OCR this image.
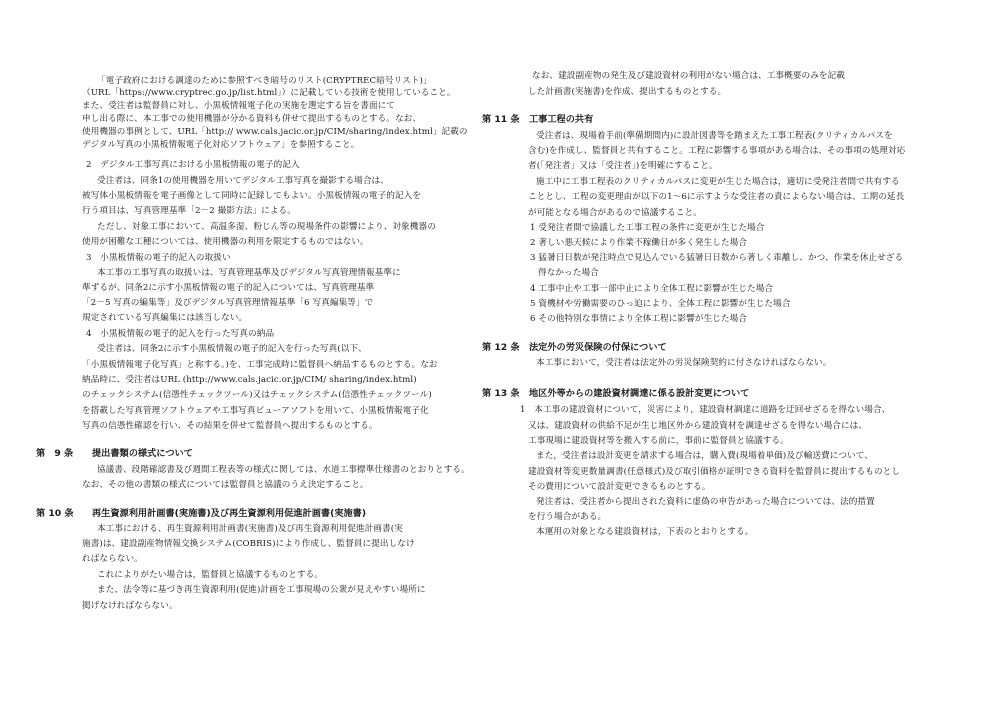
「電子政府における調達のために参照すべき暗号のリスト(CRYPTREC暗号リスト)」
（URL「https://www.cryptrec.go.jp/list.html」）に記載している技術を使用していること。
また、受注者は監督員に対し、小黒板情報電子化の実施を選定する旨を書面にて
申し出る際に、本工事での使用機器が分かる資料も併せて提出するものとする。なお、
使用機器の事例として、URL「http:// www.cals.jacic.or.jp/CIM/sharing/index.html」記載の
デジタル写真の小黒板情報電子化対応ソフトウェア」を参照すること。
2　デジタル工事写真における小黒板情報の電子的記入
受注者は、同条1の使用機器を用いてデジタル工事写真を撮影する場合は、
被写体小黒板情報を電子画像として同時に記録してもよい。小黒板情報の電子的記入を
行う項目は、写真管理基準「2－2 撮影方法」による。
ただし、対象工事において、高温多湿、粉じん等の現場条件の影響により、対象機器の
使用が困難な工種については、使用機器の利用を限定するものではない。
3　小黒板情報の電子的記入の取扱い
本工事の工事写真の取扱いは、写真管理基準及びデジタル写真管理情報基準に
準ずるが、同条2に示す小黒板情報の電子的記入については、写真管理基準
「2－5 写真の編集等」及びデジタル写真管理情報基準「6 写真編集等」で
規定されている写真編集には該当しない。
4　小黒板情報の電子的記入を行った写真の納品
受注者は、同条2に示す小黒板情報の電子的記入を行った写真(以下、
「小黒板情報電子化写真」と称する。)を、工事完成時に監督員へ納品するものとする。なお
納品時に、受注者はURL (http://www.cals.jacic.or.jp/CIM/ sharing/index.html)
のチェックシステム(信憑性チェックツール)又はチェックシステム(信憑性チェックツール)
を搭載した写真管理ソフトウェアや工事写真ビューアソフトを用いて、小黒板情報電子化
写真の信憑性確認を行い、その結果を併せて監督員へ提出するものとする。
第　9 条 提出書類の様式について
協議書、段階確認書及び週間工程表等の様式に関しては、水道工事標準仕様書のとおりとする。
なお、その他の書類の様式については監督員と協議のうえ決定すること。
第 10 条 再生資源利用計画書(実施書)及び再生資源利用促進計画書(実施書)
本工事における、再生資源利用計画書(実施書)及び再生資源利用促進計画書(実
施書)は、建設副産物情報交換システム(COBRIS)により作成し、監督員に提出しなけ
ればならない。
これによりがたい場合は，監督員と協議するものとする。
また、法令等に基づき再生資源利用(促進)計画を工事現場の公衆が見えやすい場所に
掲げなければならない。
なお、建設副産物の発生及び建設資材の利用がない場合は、工事概要のみを記載
した計画書(実施書)を作成、提出するものとする。
第 11 条 工事工程の共有
受注者は、現場着手前(準備期間内)に設計図書等を踏まえた工事工程表(クリティカルパスを
含む)を作成し、監督員と共有すること。工程に影響する事項がある場合は、その事項の処理対応
者(「発注者」又は「受注者」)を明確にすること。
施工中に工事工程表のクリティカルパスに変更が生じた場合は，適切に受発注者間で共有する
こととし、工程の変更理由が以下の1～6に示すような受注者の責によらない場合は、工期の延長
が可能となる場合があるので協議すること。
1 受発注者間で協議した工事工程の条件に変更が生じた場合
2 著しい悪天候により作業不稼働日が多く発生した場合
3 猛暑日日数が発注時点で見込んでいる猛暑日日数から著しく乖離し、かつ、作業を休止せざる
得なかった場合
4 工事中止や工事一部中止により全体工程に影響が生じた場合
5 資機材や労働需要のひっ迫により、全体工程に影響が生じた場合
6 その他特別な事情により全体工程に影響が生じた場合
第 12 条 法定外の労災保険の付保について
本工事において，受注者は法定外の労災保険契約に付さなければならない。
第 13 条 地区外等からの建設資材調達に係る設計変更について
1　本工事の建設資材について，災害により，建設資材調達に道路を迂回せざるを得ない場合、
又は、建設資材の供給不足が生じ地区外から建設資材を調達せざるを得ない場合には、
工事現場に建設資材等を搬入する前に，事前に監督員と協議する。
また，受注者は設計変更を請求する場合は，購入費(現場着単価)及び輸送費について、
建設資材等変更数量調書(任意様式)及び取引価格が証明できる資料を監督員に提出するものとし
その費用について設計変更できるものとする。
発注者は、受注者から提出された資料に虚偽の申告があった場合については、法的措置
を行う場合がある。
本運用の対象となる建設資材は，下表のとおりとする。
